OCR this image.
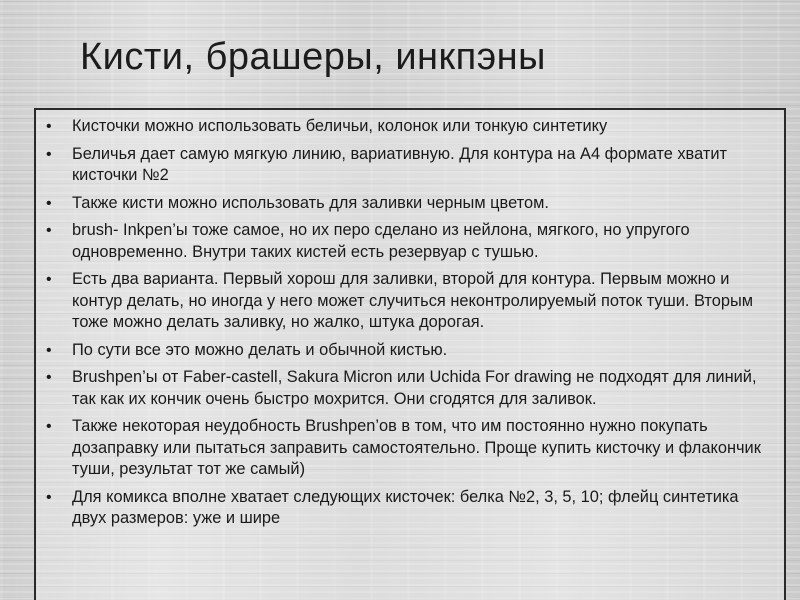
Кисти, брашеры, инкпэны
• Кисточки можно использовать беличьи, колонок или тонкую синтетику
• Беличья дает самую мягкую линию, вариативную. Для контура на А4 формате хватит кисточки №2
• Также кисти можно использовать для заливки черным цветом.
• brush- Inkpen’ы тоже самое, но их перо сделано из нейлона, мягкого, но упругого одновременно. Внутри таких кистей есть резервуар с тушью.
• Есть два варианта. Первый хорош для заливки, второй для контура. Первым можно и контур делать, но иногда у него может случиться неконтролируемый поток туши. Вторым тоже можно делать заливку, но жалко, штука дорогая.
• По сути все это можно делать и обычной кистью.
• Brushpen’ы от Faber-castell, Sakura Micron или Uchida For drawing не подходят для линий, так как их кончик очень быстро мохрится. Они сгодятся для заливок.
• Также некоторая неудобность Brushpen’ов в том, что им постоянно нужно покупать дозаправку или пытаться заправить самостоятельно. Проще купить кисточку и флакончик туши, результат тот же самый)
• Для комикса вполне хватает следующих кисточек: белка №2, 3, 5, 10; флейц синтетика двух размеров: уже и шире
